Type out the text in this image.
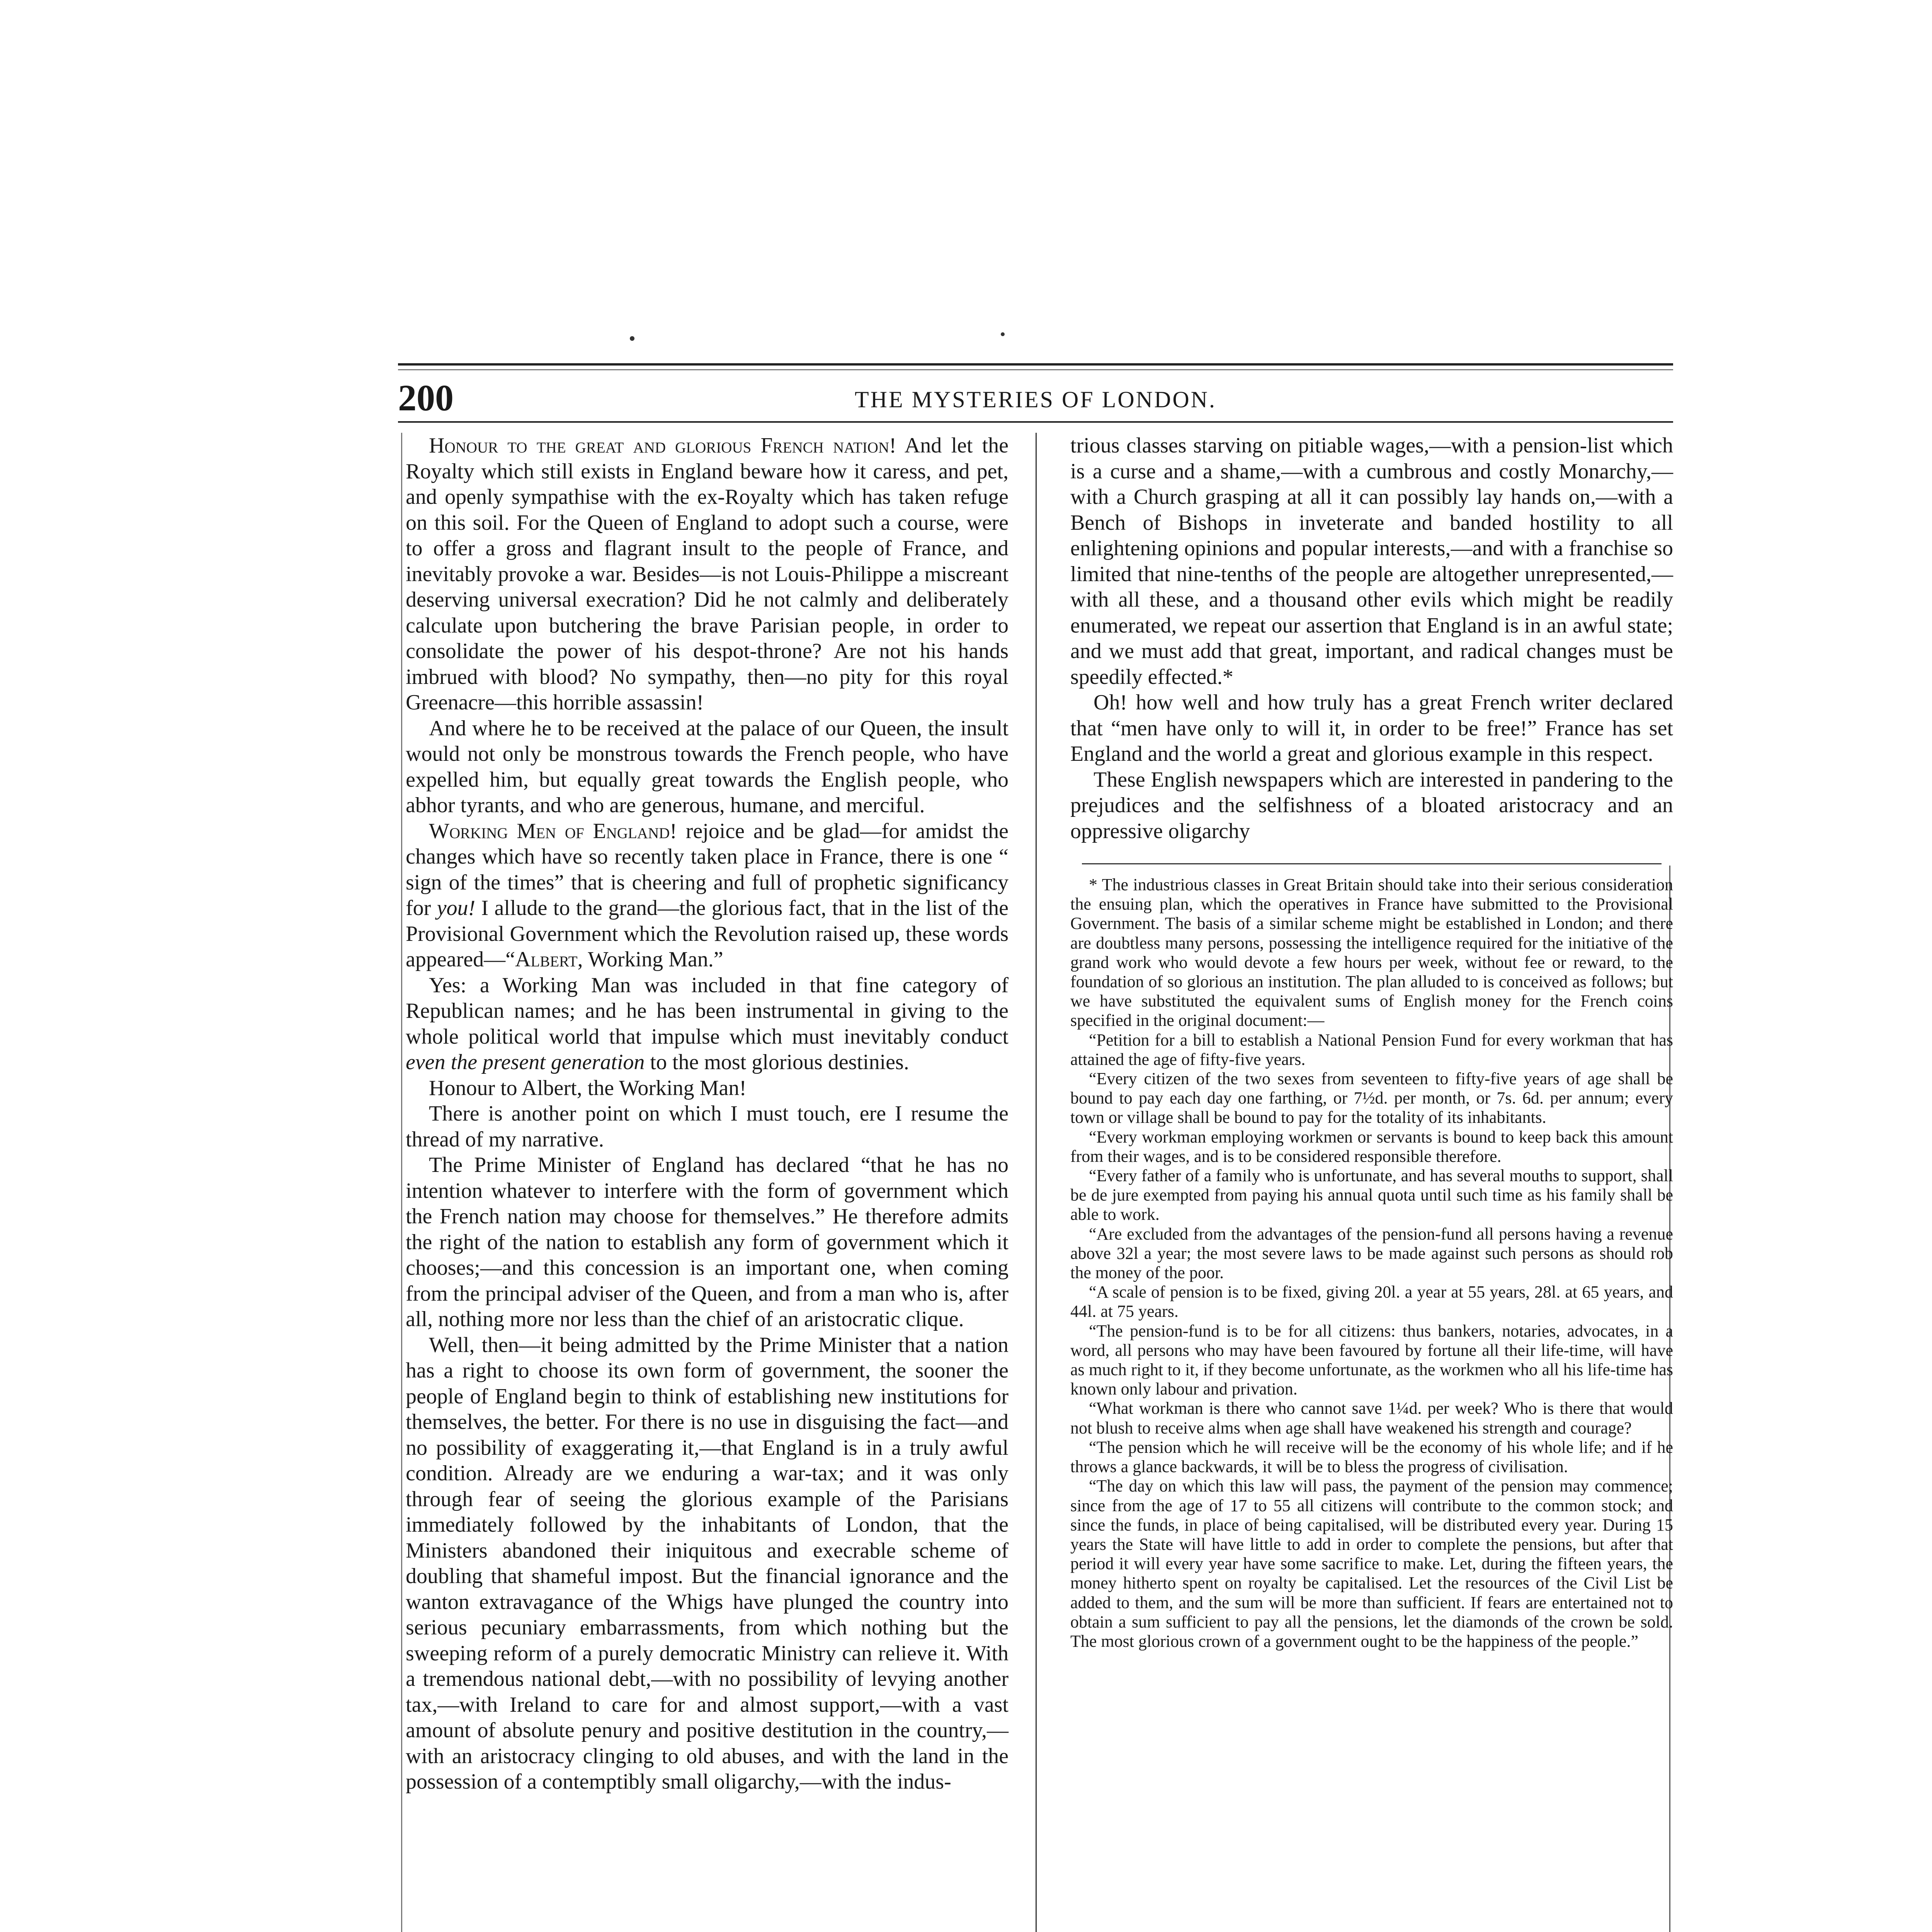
200	THE MYSTERIES OF LONDON.

Honour to the great and glorious French nation! And let the Royalty which still exists in England beware how it caress, and pet, and openly sympathise with the ex-Royalty which has taken refuge on this soil. For the Queen of England to adopt such a course, were to offer a gross and flagrant insult to the people of France, and inevitably provoke a war. Besides—is not Louis-Philippe a miscreant deserving universal execration? Did he not calmly and deliberately calculate upon butchering the brave Parisian people, in order to consolidate the power of his despot-throne? Are not his hands imbrued with blood? No sympathy, then—no pity for this royal Greenacre—this horrible assassin!

And where he to be received at the palace of our Queen, the insult would not only be monstrous towards the French people, who have expelled him, but equally great towards the English people, who abhor tyrants, and who are generous, humane, and merciful.

Working Men of England! rejoice and be glad—for amidst the changes which have so recently taken place in France, there is one “ sign of the times” that is cheering and full of prophetic significancy for you! I allude to the grand—the glorious fact, that in the list of the Provisional Government which the Revolution raised up, these words appeared—“Albert, Working Man.”

Yes: a Working Man was included in that fine category of Republican names; and he has been instrumental in giving to the whole political world that impulse which must inevitably conduct even the present generation to the most glorious destinies.

Honour to Albert, the Working Man!

There is another point on which I must touch, ere I resume the thread of my narrative.

The Prime Minister of England has declared “that he has no intention whatever to interfere with the form of government which the French nation may choose for themselves.” He therefore admits the right of the nation to establish any form of government which it chooses;—and this concession is an important one, when coming from the principal adviser of the Queen, and from a man who is, after all, nothing more nor less than the chief of an aristocratic clique.

Well, then—it being admitted by the Prime Minister that a nation has a right to choose its own form of government, the sooner the people of England begin to think of establishing new institutions for themselves, the better. For there is no use in disguising the fact—and no possibility of exaggerating it,—that England is in a truly awful condition. Already are we enduring a war-tax; and it was only through fear of seeing the glorious example of the Parisians immediately followed by the inhabitants of London, that the Ministers abandoned their iniquitous and execrable scheme of doubling that shameful impost. But the financial ignorance and the wanton extravagance of the Whigs have plunged the country into serious pecuniary embarrassments, from which nothing but the sweeping reform of a purely democratic Ministry can relieve it. With a tremendous national debt,—with no possibility of levying another tax,—with Ireland to care for and almost support,—with a vast amount of absolute penury and positive destitution in the country,—with an aristocracy clinging to old abuses, and with the land in the possession of a contemptibly small oligarchy,—with the indus-

trious classes starving on pitiable wages,—with a pension-list which is a curse and a shame,—with a cumbrous and costly Monarchy,—with a Church grasping at all it can possibly lay hands on,—with a Bench of Bishops in inveterate and banded hostility to all enlightening opinions and popular interests,—and with a franchise so limited that nine-tenths of the people are altogether unrepresented,—with all these, and a thousand other evils which might be readily enumerated, we repeat our assertion that England is in an awful state; and we must add that great, important, and radical changes must be speedily effected.*

Oh! how well and how truly has a great French writer declared that “men have only to will it, in order to be free!” France has set England and the world a great and glorious example in this respect.

These English newspapers which are interested in pandering to the prejudices and the selfishness of a bloated aristocracy and an oppressive oligarchy

* The industrious classes in Great Britain should take into their serious consideration the ensuing plan, which the operatives in France have submitted to the Provisional Government. The basis of a similar scheme might be established in London; and there are doubtless many persons, possessing the intelligence required for the initiative of the grand work who would devote a few hours per week, without fee or reward, to the foundation of so glorious an institution. The plan alluded to is conceived as follows; but we have substituted the equivalent sums of English money for the French coins specified in the original document:—

“Petition for a bill to establish a National Pension Fund for every workman that has attained the age of fifty-five years.

“Every citizen of the two sexes from seventeen to fifty-five years of age shall be bound to pay each day one farthing, or 7½d. per month, or 7s. 6d. per annum; every town or village shall be bound to pay for the totality of its inhabitants.

“Every workman employing workmen or servants is bound to keep back this amount from their wages, and is to be considered responsible therefore.

“Every father of a family who is unfortunate, and has several mouths to support, shall be de jure exempted from paying his annual quota until such time as his family shall be able to work.

“Are excluded from the advantages of the pension-fund all persons having a revenue above 32l a year; the most severe laws to be made against such persons as should rob the money of the poor.

“A scale of pension is to be fixed, giving 20l. a year at 55 years, 28l. at 65 years, and 44l. at 75 years.

“The pension-fund is to be for all citizens: thus bankers, notaries, advocates, in a word, all persons who may have been favoured by fortune all their life-time, will have as much right to it, if they become unfortunate, as the workmen who all his life-time has known only labour and privation.

“What workman is there who cannot save 1¼d. per week? Who is there that would not blush to receive alms when age shall have weakened his strength and courage?

“The pension which he will receive will be the economy of his whole life; and if he throws a glance backwards, it will be to bless the progress of civilisation.

“The day on which this law will pass, the payment of the pension may commence; since from the age of 17 to 55 all citizens will contribute to the common stock; and since the funds, in place of being capitalised, will be distributed every year. During 15 years the State will have little to add in order to complete the pensions, but after that period it will every year have some sacrifice to make. Let, during the fifteen years, the money hitherto spent on royalty be capitalised. Let the resources of the Civil List be added to them, and the sum will be more than sufficient. If fears are entertained not to obtain a sum sufficient to pay all the pensions, let the diamonds of the crown be sold. The most glorious crown of a government ought to be the happiness of the people.”
